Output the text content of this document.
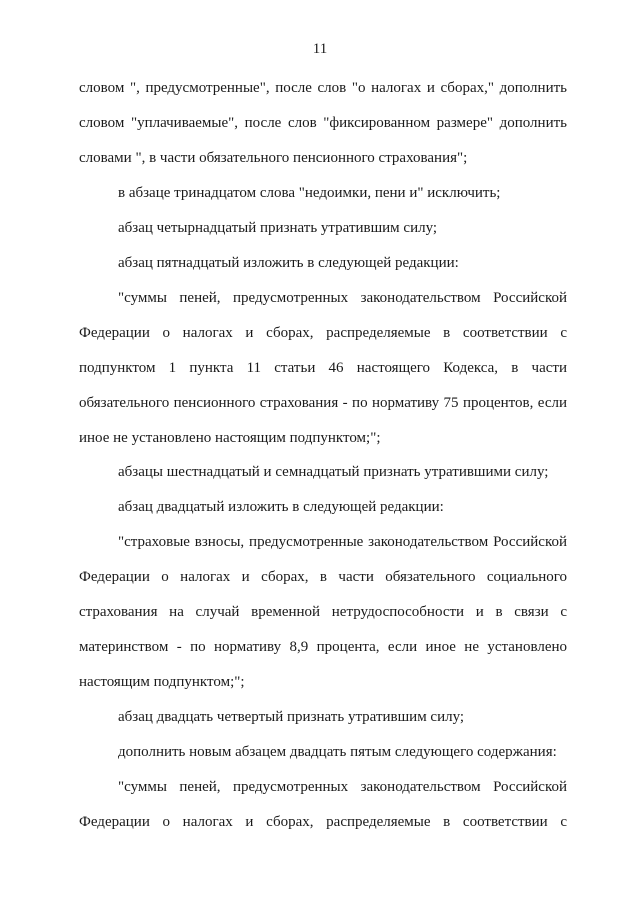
11
словом ", предусмотренные", после слов "о налогах и сборах," дополнить
словом "уплачиваемые", после слов "фиксированном размере" дополнить
словами ", в части обязательного пенсионного страхования";
в абзаце тринадцатом слова "недоимки, пени и" исключить;
абзац четырнадцатый признать утратившим силу;
абзац пятнадцатый изложить в следующей редакции:
"суммы пеней, предусмотренных законодательством Российской
Федерации о налогах и сборах, распределяемые в соответствии с
подпунктом 1 пункта 11 статьи 46 настоящего Кодекса, в части
обязательного пенсионного страхования - по нормативу 75 процентов, если
иное не установлено настоящим подпунктом;";
абзацы шестнадцатый и семнадцатый признать утратившими силу;
абзац двадцатый изложить в следующей редакции:
"страховые взносы, предусмотренные законодательством Российской
Федерации о налогах и сборах, в части обязательного социального
страхования на случай временной нетрудоспособности и в связи с
материнством - по нормативу 8,9 процента, если иное не установлено
настоящим подпунктом;";
абзац двадцать четвертый признать утратившим силу;
дополнить новым абзацем двадцать пятым следующего содержания:
"суммы пеней, предусмотренных законодательством Российской
Федерации о налогах и сборах, распределяемые в соответствии с
